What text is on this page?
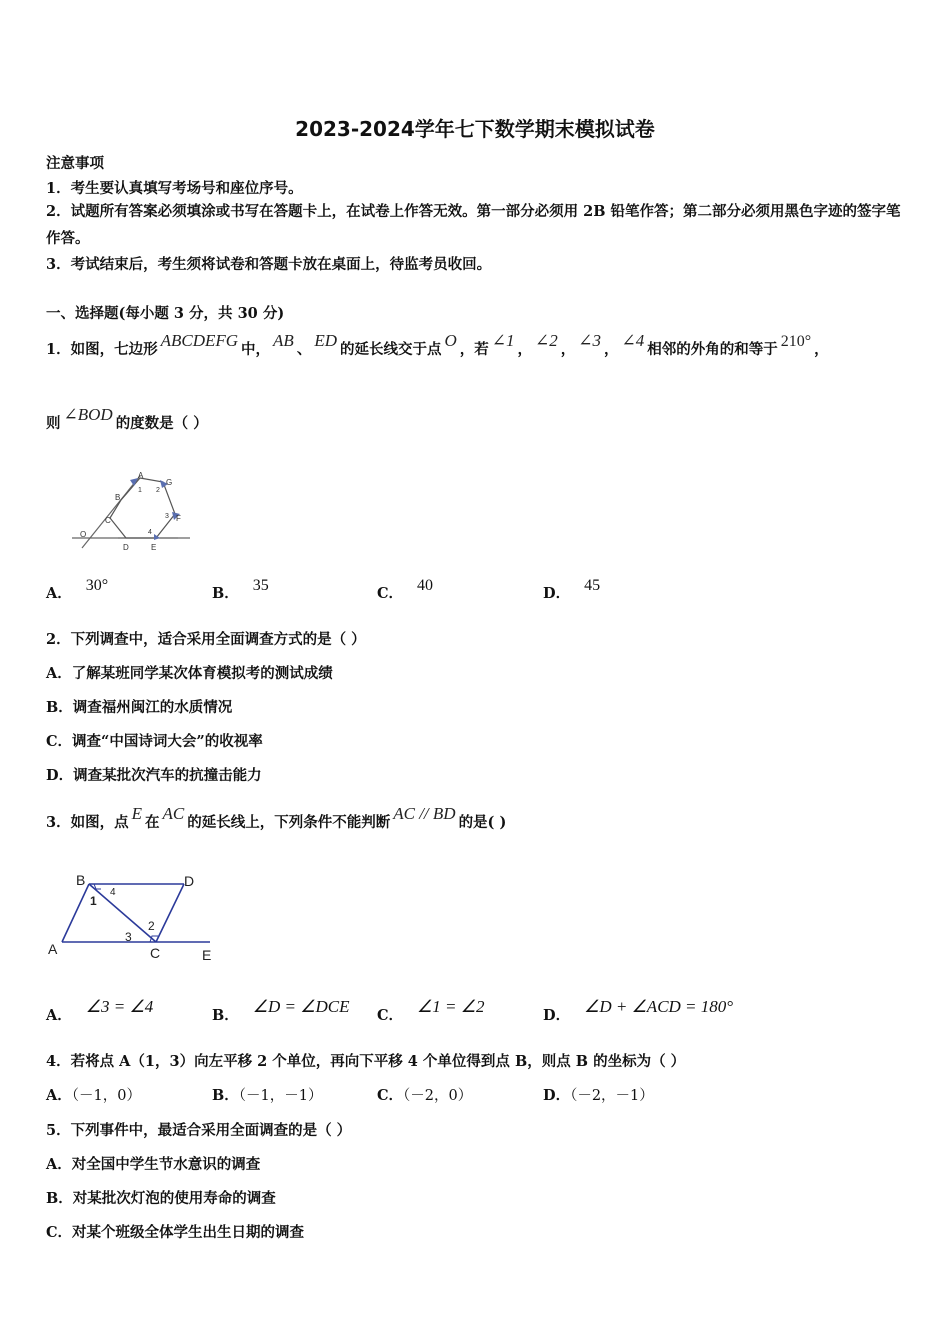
2023-2024学年七下数学期末模拟试卷
注意事项
1．考生要认真填写考场号和座位序号。
2．试题所有答案必须填涂或书写在答题卡上，在试卷上作答无效。第一部分必须用 2B 铅笔作答；第二部分必须用黑色字迹的签字笔作答。
3．考试结束后，考生须将试卷和答题卡放在桌面上，待监考员收回。
一、选择题(每小题 3 分，共 30 分)
1．如图，七边形 ABCDEFG 中， AB 、 ED 的延长线交于点 O ，若 ∠1 ， ∠2 ， ∠3 ， ∠4 相邻的外角的和等于 210° ，
则 ∠BOD 的度数是（ ）
A
B
C
D	E
F
G
O
1 2
3
4
A． 30°	B． 35	C． 40	D． 45
2．下列调查中，适合采用全面调查方式的是（ ）
A．了解某班同学某次体育模拟考的测试成绩
B．调查福州闽江的水质情况
C．调查“中国诗词大会”的收视率
D．调查某批次汽车的抗撞击能力
3．如图，点 E 在 AC 的延长线上，下列条件不能判断 AC // BD 的是( )
B	D
A	C	E
1
2
3
4
A． ∠3 = ∠4	B． ∠D = ∠DCE C． ∠1 = ∠2	D． ∠D + ∠ACD = 180°
4．若将点 A（1，3）向左平移 2 个单位，再向下平移 4 个单位得到点 B，则点 B 的坐标为（ ）
A．（－1，0）	B．（－1，－1）	C．（－2，0）	D．（－2，－1）
5．下列事件中，最适合采用全面调查的是（ ）
A．对全国中学生节水意识的调查
B．对某批次灯泡的使用寿命的调查
C．对某个班级全体学生出生日期的调查
